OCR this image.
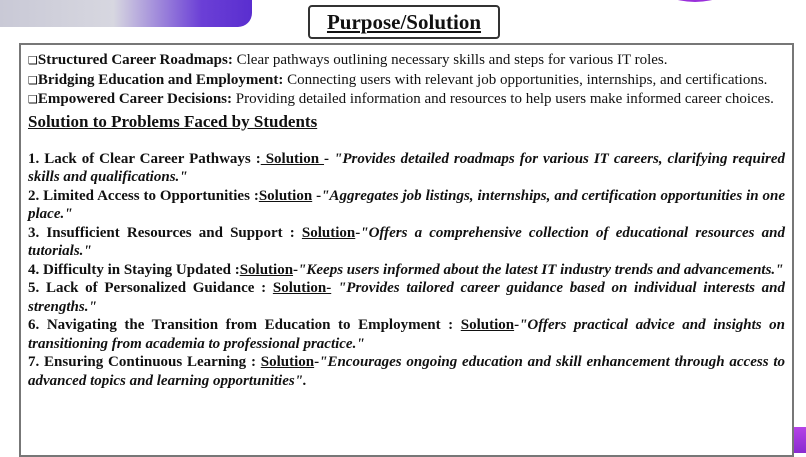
Purpose/Solution

❑Structured Career Roadmaps: Clear pathways outlining necessary skills and steps for various IT roles.

❑Bridging Education and Employment: Connecting users with relevant job opportunities, internships, and certifications.

❑Empowered Career Decisions: Providing detailed information and resources to help users make informed career choices.

Solution to Problems Faced by Students

1. Lack of Clear Career Pathways : Solution - "Provides detailed roadmaps for various IT careers, clarifying required skills and qualifications."

2. Limited Access to Opportunities :Solution -"Aggregates job listings, internships, and certification opportunities in one place."

3. Insufficient Resources and Support : Solution-"Offers a comprehensive collection of educational resources and tutorials."

4. Difficulty in Staying Updated :Solution-"Keeps users informed about the latest IT industry trends and advancements."

5. Lack of Personalized Guidance : Solution- "Provides tailored career guidance based on individual interests and strengths."

6. Navigating the Transition from Education to Employment : Solution-"Offers practical advice and insights on transitioning from academia to professional practice."

7. Ensuring Continuous Learning : Solution-"Encourages ongoing education and skill enhancement through access to advanced topics and learning opportunities".
